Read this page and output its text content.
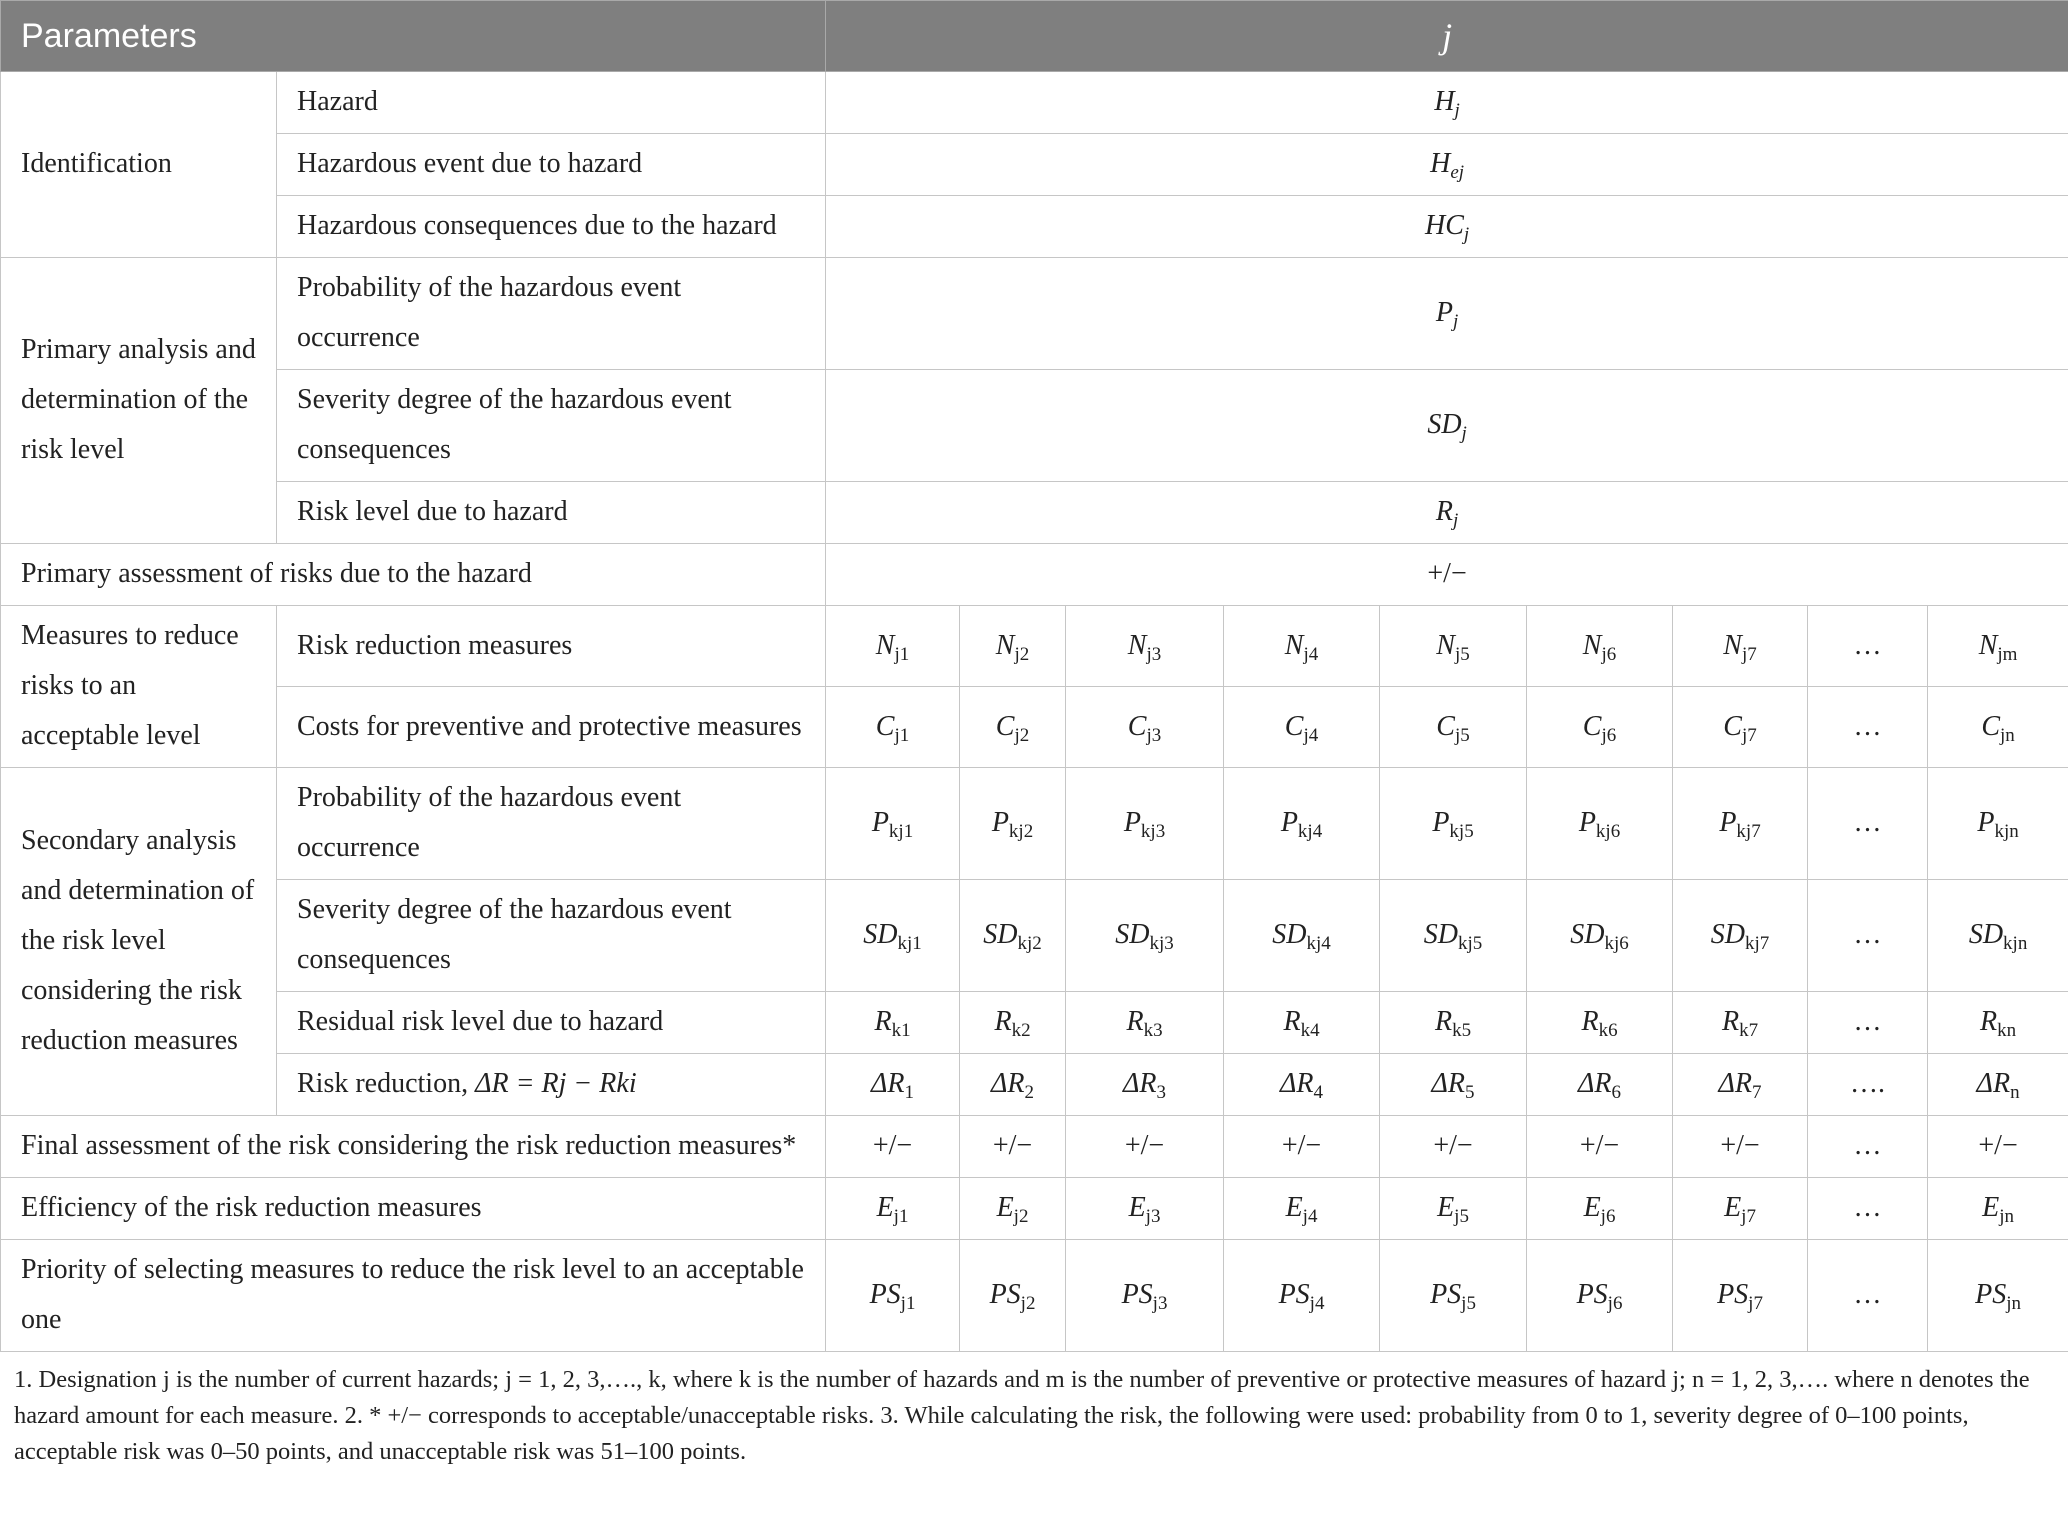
Parameters		j								
Identification	Hazard	$H_j$
	Hazardous event due to hazard	$H_{ej}$
	Hazardous consequences due to the hazard	$HC_j$
Primary analysis and determination of the risk level	Probability of the hazardous event occurrence	$P_j$
	Severity degree of the hazardous event consequences	$SD_j$
	Risk level due to hazard	$R_j$
Primary assessment of risks due to the hazard		+/−								
Measures to reduce risks to an acceptable level	Risk reduction measures	$N_{j1}$	$N_{j2}$	$N_{j3}$	$N_{j4}$	$N_{j5}$	$N_{j6}$	$N_{j7}$	…	$N_{jm}$
	Costs for preventive and protective measures	$C_{j1}$	$C_{j2}$	$C_{j3}$	$C_{j4}$	$C_{j5}$	$C_{j6}$	$C_{j7}$	…	$C_{jn}$
Secondary analysis and determination of the risk level considering the risk reduction measures	Probability of the hazardous event occurrence	$P_{kj1}$	$P_{kj2}$	$P_{kj3}$	$P_{kj4}$	$P_{kj5}$	$P_{kj6}$	$P_{kj7}$	…	$P_{kjn}$
	Severity degree of the hazardous event consequences	$SD_{kj1}$	$SD_{kj2}$	$SD_{kj3}$	$SD_{kj4}$	$SD_{kj5}$	$SD_{kj6}$	$SD_{kj7}$	…	$SD_{kjn}$
	Residual risk level due to hazard	$R_{k1}$	$R_{k2}$	$R_{k3}$	$R_{k4}$	$R_{k5}$	$R_{k6}$	$R_{k7}$	…	$R_{kn}$
	Risk reduction, ΔR = Rj − Rki	$\Delta R_1$	$\Delta R_2$	$\Delta R_3$	$\Delta R_4$	$\Delta R_5$	$\Delta R_6$	$\Delta R_7$	….	$\Delta R_n$
Final assessment of the risk considering the risk reduction measures*		+/−	+/−	+/−	+/−	+/−	+/−	+/−	…	+/−
Efficiency of the risk reduction measures		$E_{j1}$	$E_{j2}$	$E_{j3}$	$E_{j4}$	$E_{j5}$	$E_{j6}$	$E_{j7}$	…	$E_{jn}$
Priority of selecting measures to reduce the risk level to an acceptable one		$PS_{j1}$	$PS_{j2}$	$PS_{j3}$	$PS_{j4}$	$PS_{j5}$	$PS_{j6}$	$PS_{j7}$	…	$PS_{jn}$
1. Designation j is the number of current hazards; j = 1, 2, 3,…., k, where k is the number of hazards and m is the number of preventive or protective measures of hazard j; n = 1, 2, 3,…. where n denotes the hazard amount for each measure. 2. * +/− corresponds to acceptable/unacceptable risks. 3. While calculating the risk, the following were used: probability from 0 to 1, severity degree of 0–100 points, acceptable risk was 0–50 points, and unacceptable risk was 51–100 points.
